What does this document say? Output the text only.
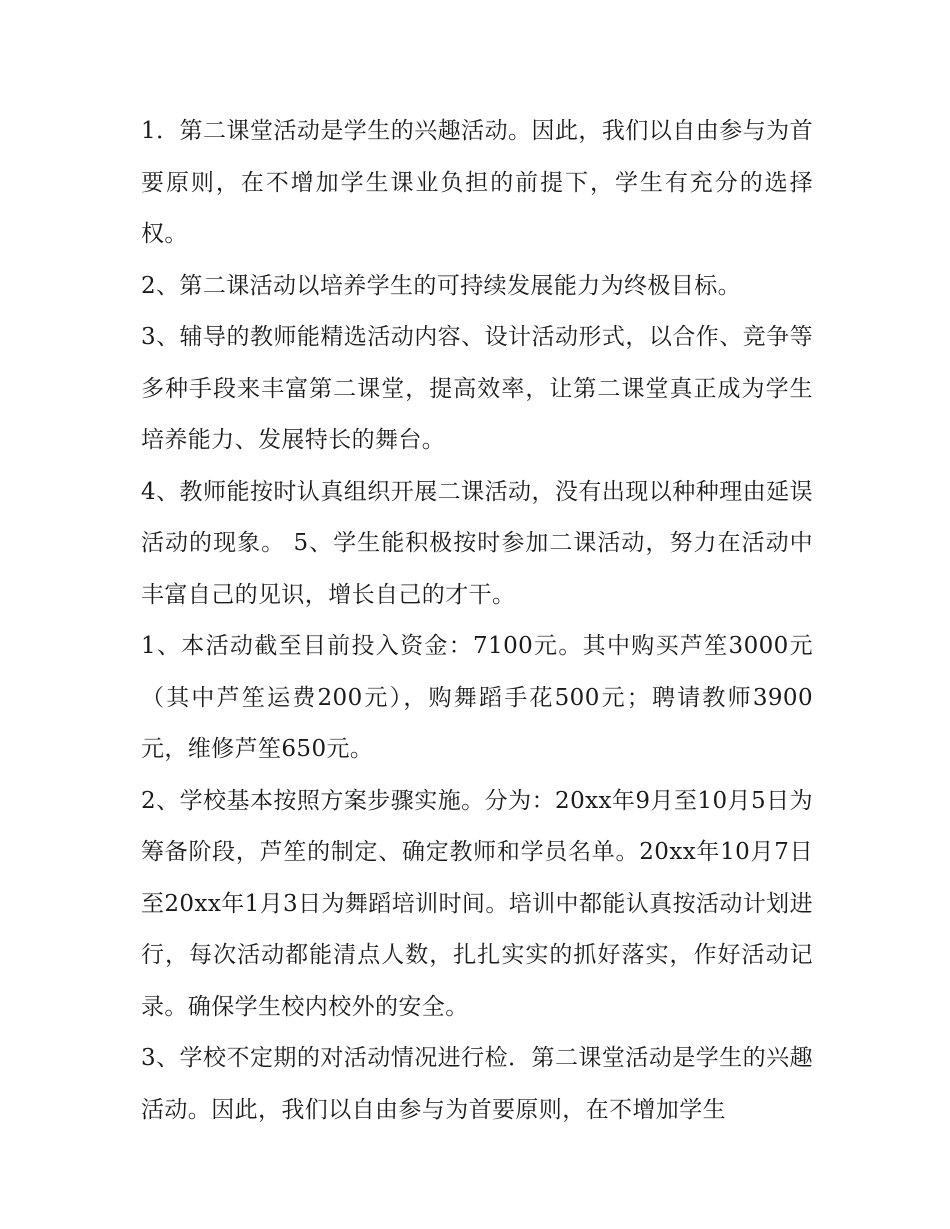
1．第二课堂活动是学生的兴趣活动。因此，我们以自由参与为首要原则，在不增加学生课业负担的前提下，学生有充分的选择权。

2、第二课活动以培养学生的可持续发展能力为终极目标。

3、辅导的教师能精选活动内容、设计活动形式，以合作、竞争等多种手段来丰富第二课堂，提高效率，让第二课堂真正成为学生培养能力、发展特长的舞台。

4、教师能按时认真组织开展二课活动，没有出现以种种理由延误活动的现象。 5、学生能积极按时参加二课活动，努力在活动中丰富自己的见识，增长自己的才干。

1、本活动截至目前投入资金：7100元。其中购买芦笙3000元（其中芦笙运费200元），购舞蹈手花500元；聘请教师3900元，维修芦笙650元。

2、学校基本按照方案步骤实施。分为：20xx年9月至10月5日为筹备阶段，芦笙的制定、确定教师和学员名单。20xx年10月7日至20xx年1月3日为舞蹈培训时间。培训中都能认真按活动计划进行，每次活动都能清点人数，扎扎实实的抓好落实，作好活动记录。确保学生校内校外的安全。

3、学校不定期的对活动情况进行检．第二课堂活动是学生的兴趣活动。因此，我们以自由参与为首要原则，在不增加学生
